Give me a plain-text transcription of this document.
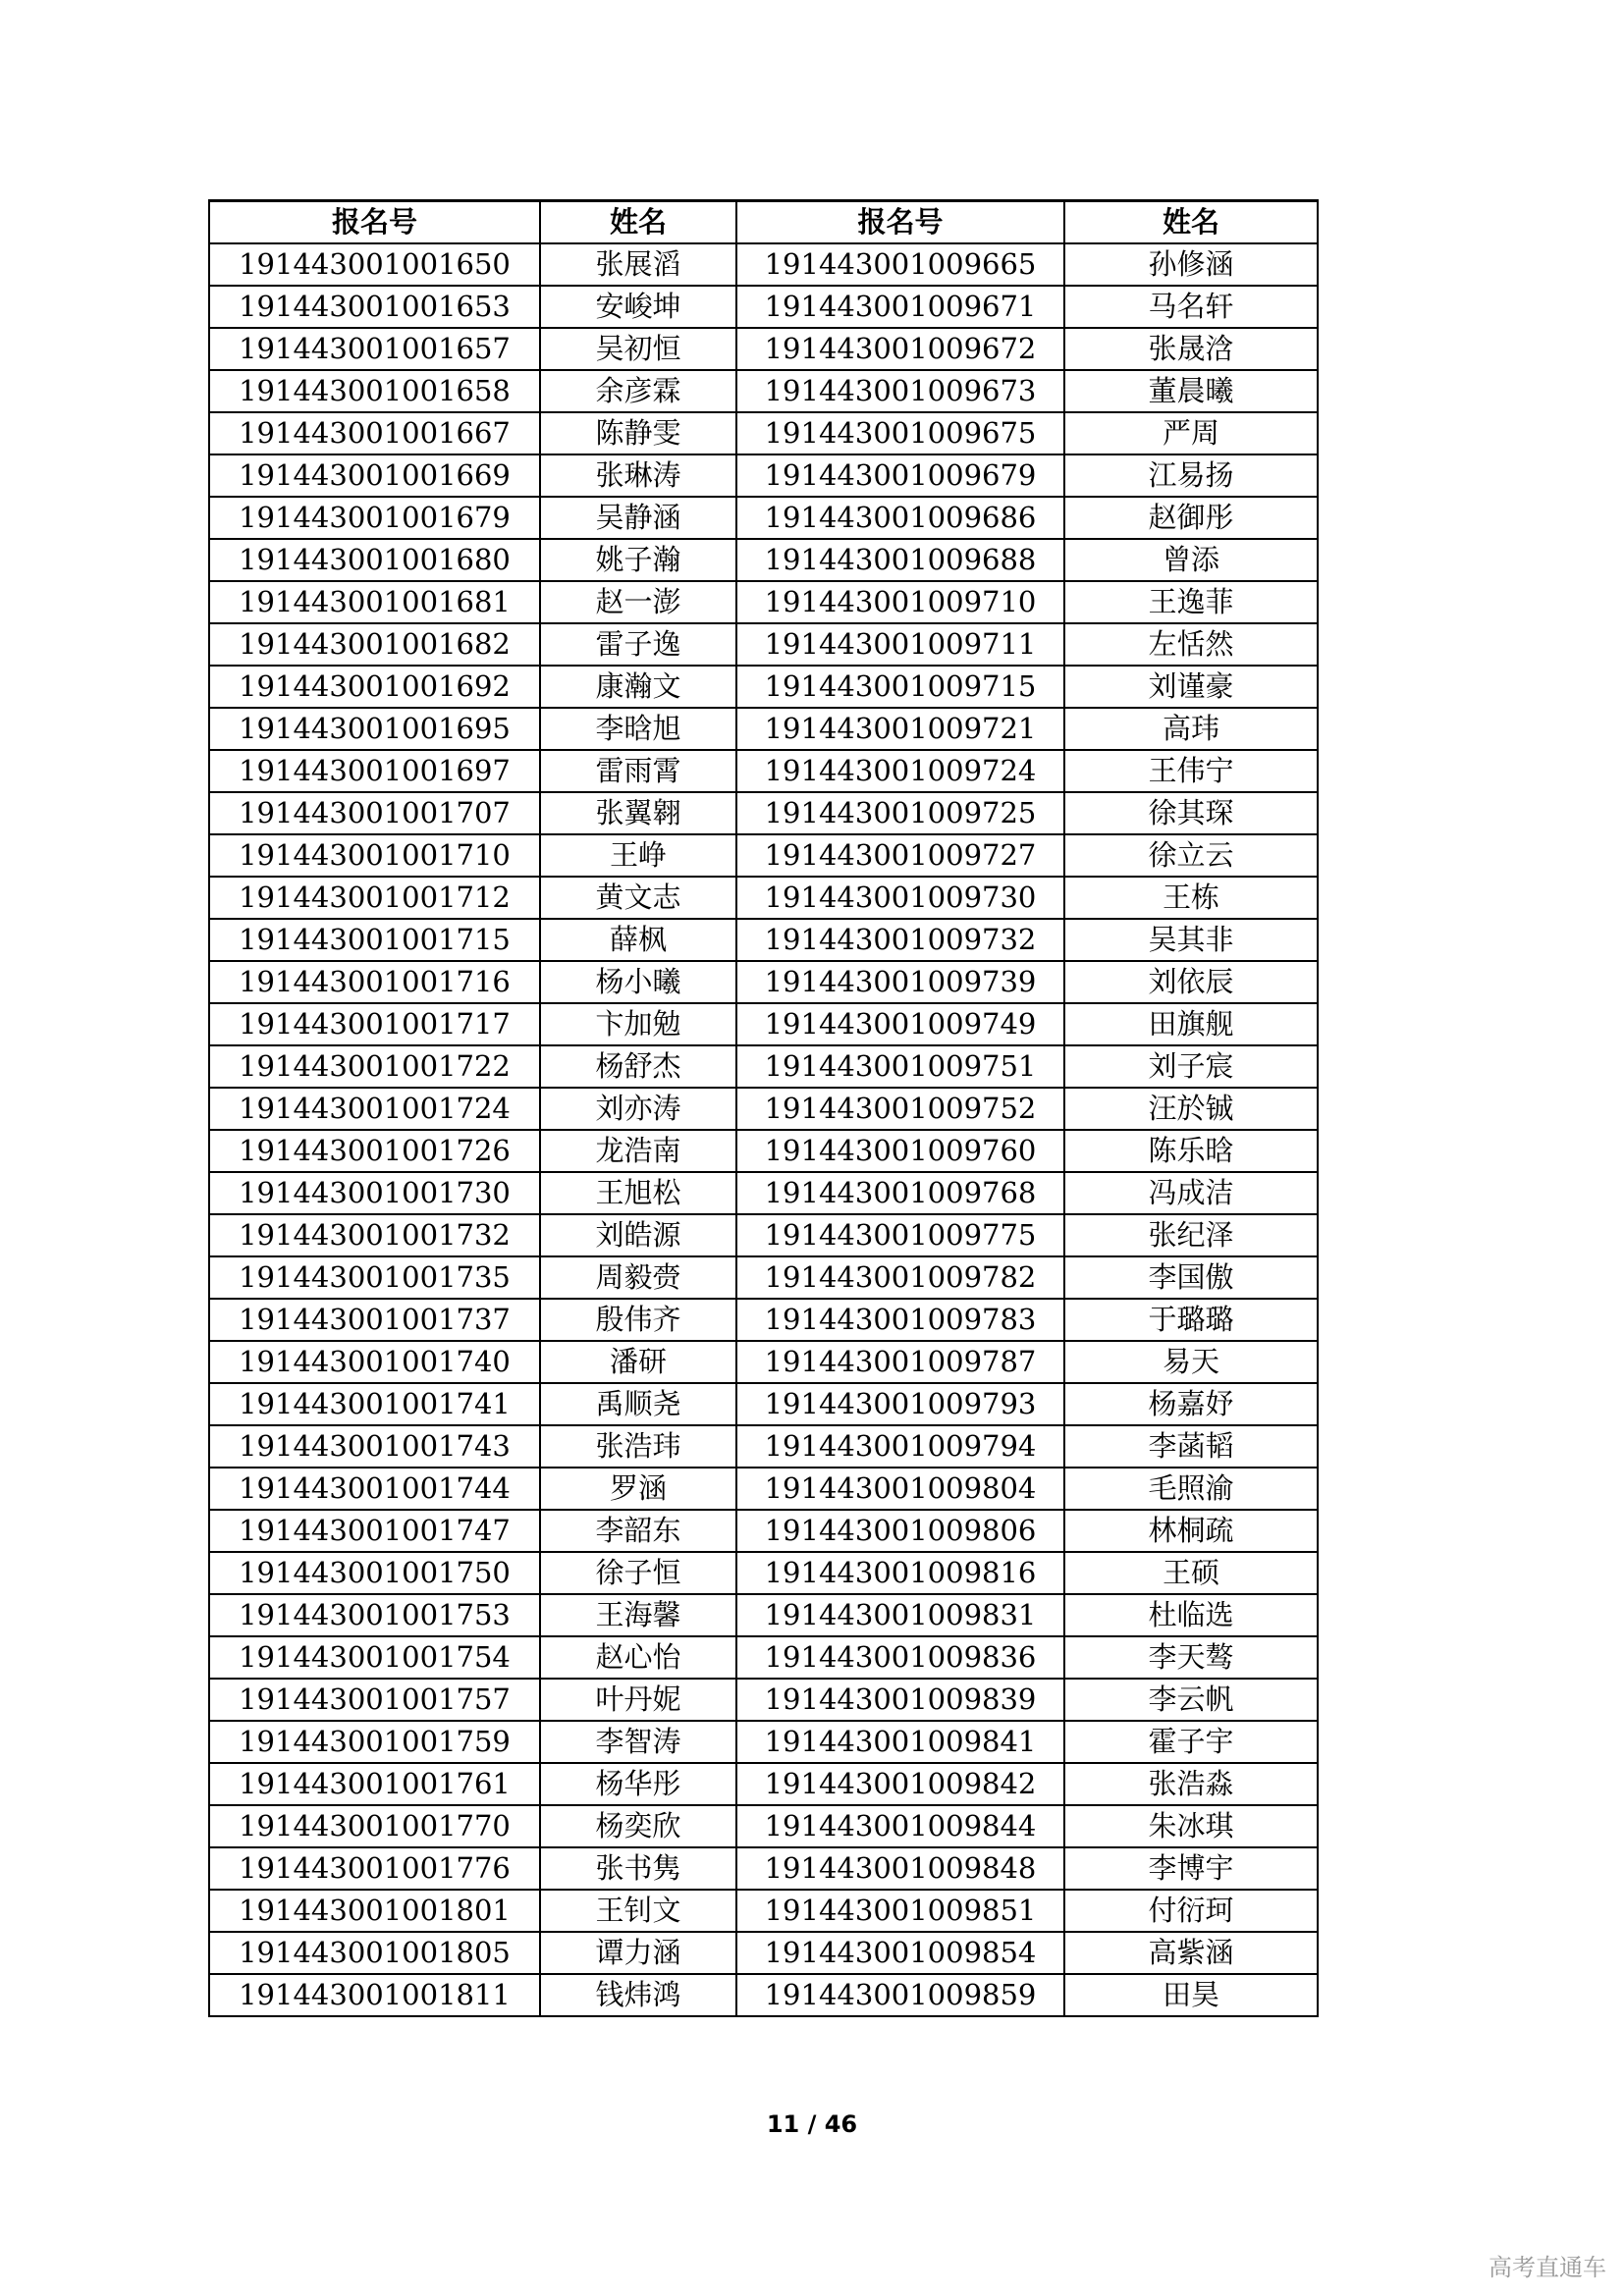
报名号	姓名	报名号	姓名
191443001001650	张展滔	191443001009665	孙修涵
191443001001653	安峻坤	191443001009671	马名轩
191443001001657	吴初恒	191443001009672	张晟浛
191443001001658	余彦霖	191443001009673	董晨曦
191443001001667	陈静雯	191443001009675	严周
191443001001669	张琳涛	191443001009679	江易扬
191443001001679	吴静涵	191443001009686	赵御彤
191443001001680	姚子瀚	191443001009688	曾添
191443001001681	赵一澎	191443001009710	王逸菲
191443001001682	雷子逸	191443001009711	左恬然
191443001001692	康瀚文	191443001009715	刘谨豪
191443001001695	李晗旭	191443001009721	高玮
191443001001697	雷雨霄	191443001009724	王伟宁
191443001001707	张翼翱	191443001009725	徐其琛
191443001001710	王峥	191443001009727	徐立云
191443001001712	黄文志	191443001009730	王栋
191443001001715	薛枫	191443001009732	吴其非
191443001001716	杨小曦	191443001009739	刘依辰
191443001001717	卞加勉	191443001009749	田旗舰
191443001001722	杨舒杰	191443001009751	刘子宸
191443001001724	刘亦涛	191443001009752	汪於铖
191443001001726	龙浩南	191443001009760	陈乐晗
191443001001730	王旭松	191443001009768	冯成洁
191443001001732	刘皓源	191443001009775	张纪泽
191443001001735	周毅赍	191443001009782	李国傲
191443001001737	殷伟齐	191443001009783	于璐璐
191443001001740	潘研	191443001009787	易天
191443001001741	禹顺尧	191443001009793	杨嘉妤
191443001001743	张浩玮	191443001009794	李菡韬
191443001001744	罗涵	191443001009804	毛照渝
191443001001747	李韶东	191443001009806	林桐疏
191443001001750	徐子恒	191443001009816	王硕
191443001001753	王海馨	191443001009831	杜临选
191443001001754	赵心怡	191443001009836	李天骜
191443001001757	叶丹妮	191443001009839	李云帆
191443001001759	李智涛	191443001009841	霍子宇
191443001001761	杨华彤	191443001009842	张浩淼
191443001001770	杨奕欣	191443001009844	朱冰琪
191443001001776	张书隽	191443001009848	李博宇
191443001001801	王钊文	191443001009851	付衍珂
191443001001805	谭力涵	191443001009854	高紫涵
191443001001811	钱炜鸿	191443001009859	田昊
11 / 46
高考直通车
